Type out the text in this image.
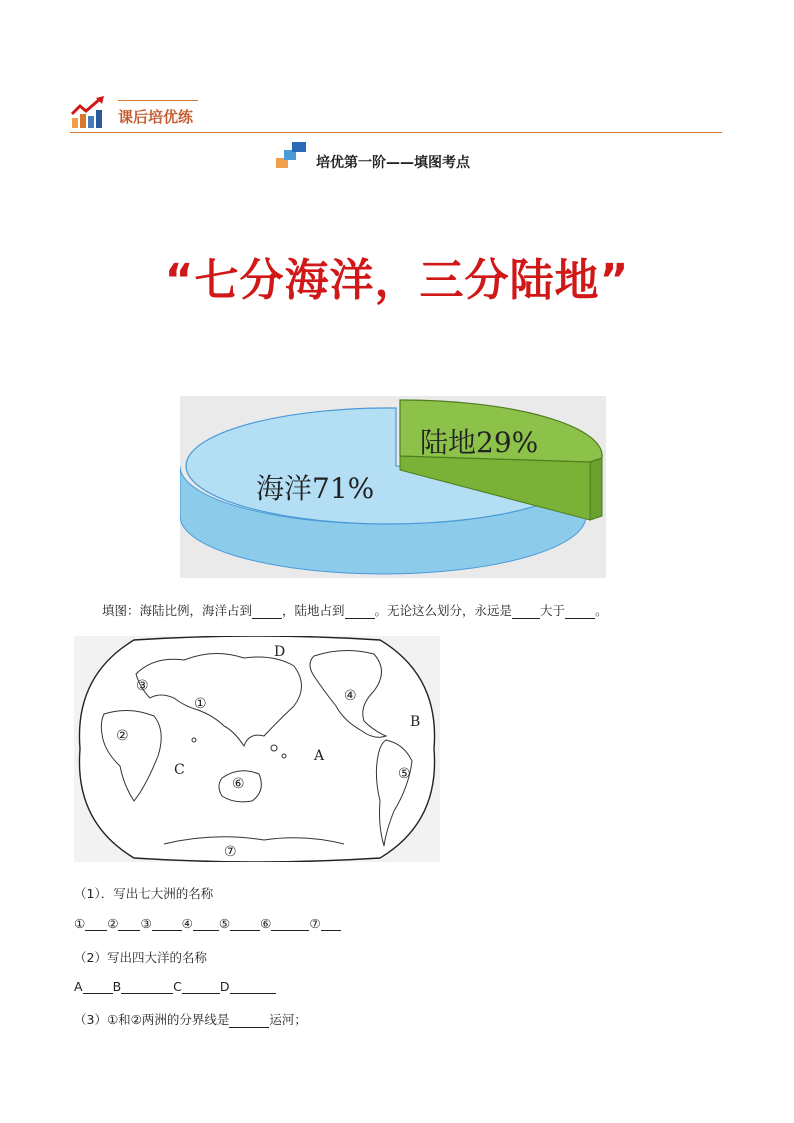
课后培优练
培优第一阶——填图考点
“七分海洋，三分陆地”
陆地29%
海洋71%
填图：海陆比例，海洋占到 ，陆地占到 。无论这么划分，永远是 大于 。
D
A
B
C
①
②
③
④
⑤
⑥
⑦
（1）．写出七大洲的名称
① ② ③ ④ ⑤ ⑥	⑦
（2）写出四大洋的名称
A B	C	D
（3）①和②两洲的分界线是	运河；
